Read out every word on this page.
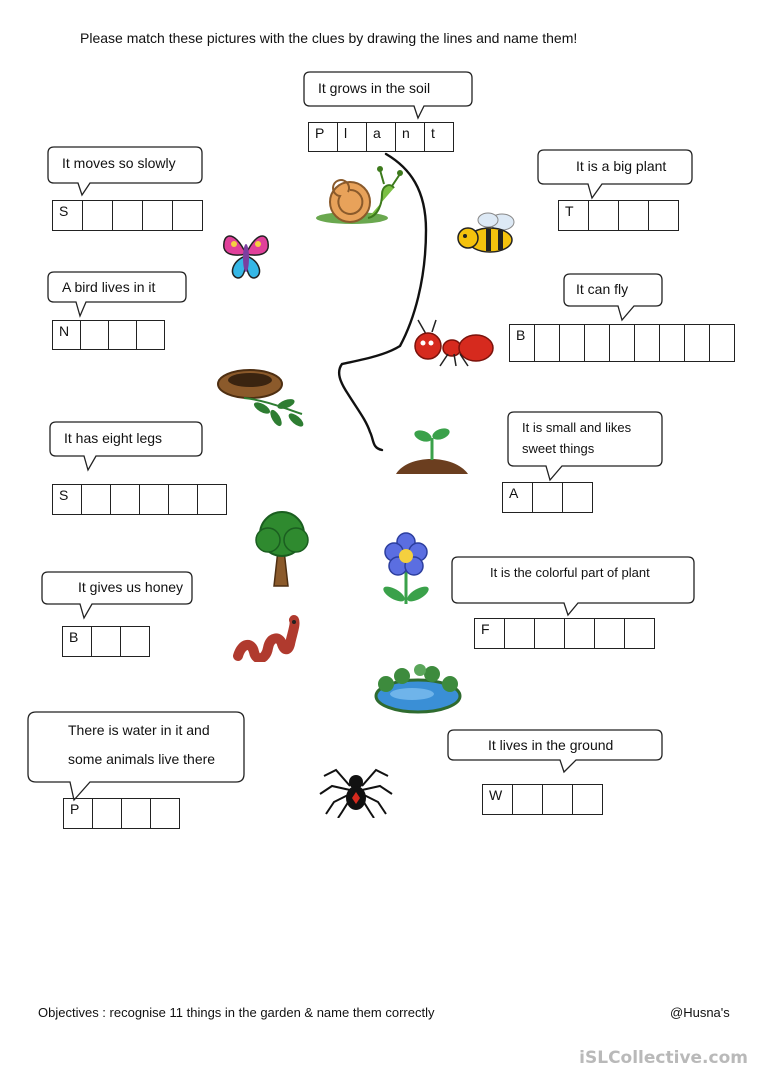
Please match these pictures with the clues by drawing the lines and name them!
It grows in the soil
P	l	a	n	t
It moves so slowly
S
It is a big plant
T
A bird lives in it
N
It can fly
B
It has eight legs
S
It is small and likes
sweet things
A
It gives us honey
B
It is the colorful part of plant
F
There is water in it and
some animals live there
P
It lives in the ground
W
Objectives : recognise 11 things in the garden & name them correctly	@Husna's
iSLCollective.com
